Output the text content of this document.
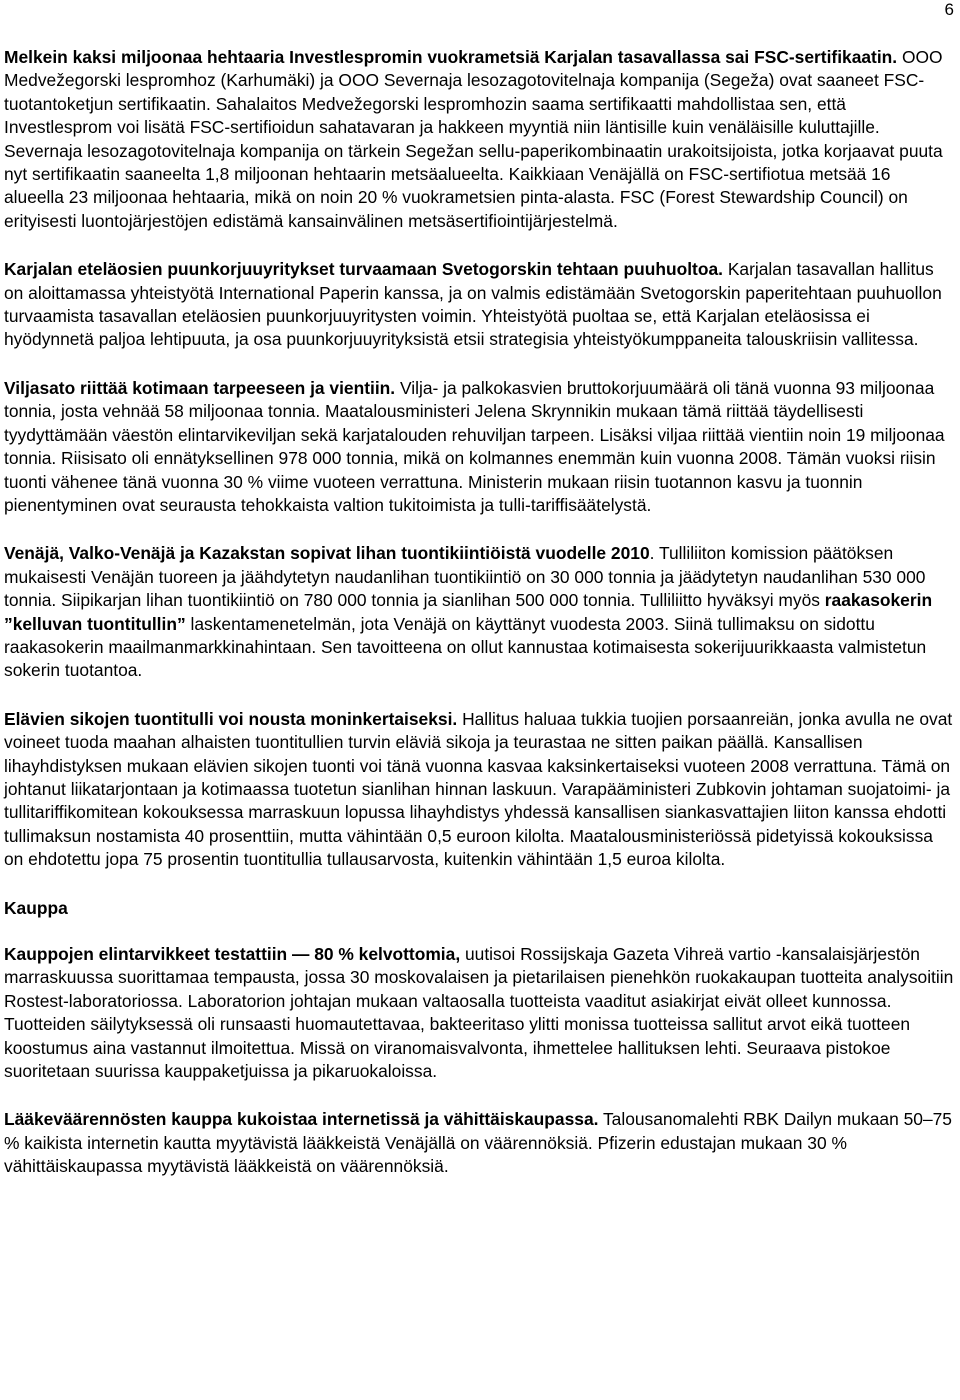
6

Melkein kaksi miljoonaa hehtaaria Investlespromin vuokrametsiä Karjalan tasavallassa sai FSC-sertifikaatin. OOO Medvežegorski lespromhoz (Karhumäki) ja OOO Severnaja lesozagotovitelnaja kompanija (Segeža) ovat saaneet FSC-tuotantoketjun sertifikaatin. Sahalaitos Medvežegorski lespromhozin saama sertifikaatti mahdollistaa sen, että Investlesprom voi lisätä FSC-sertifioidun sahatavaran ja hakkeen myyntiä niin läntisille kuin venäläisille kuluttajille. Severnaja lesozagotovitelnaja kompanija on tärkein Segežan sellu-paperikombinaatin urakoitsijoista, jotka korjaavat puuta nyt sertifikaatin saaneelta 1,8 miljoonan hehtaarin metsäalueelta. Kaikkiaan Venäjällä on FSC-sertifiotua metsää 16 alueella 23 miljoonaa hehtaaria, mikä on noin 20 % vuokrametsien pinta-alasta. FSC (Forest Stewardship Council) on erityisesti luontojärjestöjen edistämä kansainvälinen metsäsertifiointijärjestelmä.

Karjalan eteläosien puunkorjuuyritykset turvaamaan Svetogorskin tehtaan puuhuoltoa. Karjalan tasavallan hallitus on aloittamassa yhteistyötä International Paperin kanssa, ja on valmis edistämään Svetogorskin paperitehtaan puuhuollon turvaamista tasavallan eteläosien puunkorjuuyritysten voimin. Yhteistyötä puoltaa se, että Karjalan eteläosissa ei hyödynnetä paljoa lehtipuuta, ja osa puunkorjuuyrityksistä etsii strategisia yhteistyökumppaneita talouskriisin vallitessa.

Viljasato riittää kotimaan tarpeeseen ja vientiin. Vilja- ja palkokasvien bruttokorjuumäärä oli tänä vuonna 93 miljoonaa tonnia, josta vehnää 58 miljoonaa tonnia. Maatalousministeri Jelena Skrynnikin mukaan tämä riittää täydellisesti tyydyttämään väestön elintarvikeviljan sekä karjatalouden rehuviljan tarpeen. Lisäksi viljaa riittää vientiin noin 19 miljoonaa tonnia. Riisisato oli ennätyksellinen 978 000 tonnia, mikä on kolmannes enemmän kuin vuonna 2008. Tämän vuoksi riisin tuonti vähenee tänä vuonna 30 % viime vuoteen verrattuna. Ministerin mukaan riisin tuotannon kasvu ja tuonnin pienentyminen ovat seurausta tehokkaista valtion tukitoimista ja tulli-tariffisäätelystä.

Venäjä, Valko-Venäjä ja Kazakstan sopivat lihan tuontikiintiöistä vuodelle 2010. Tulliliiton komission päätöksen mukaisesti Venäjän tuoreen ja jäähdytetyn naudanlihan tuontikiintiö on 30 000 tonnia ja jäädytetyn naudanlihan 530 000 tonnia. Siipikarjan lihan tuontikiintiö on 780 000 tonnia ja sianlihan 500 000 tonnia. Tulliliitto hyväksyi myös raakasokerin ”kelluvan tuontitullin” laskentamenetelmän, jota Venäjä on käyttänyt vuodesta 2003. Siinä tullimaksu on sidottu raakasokerin maailmanmarkkinahintaan. Sen tavoitteena on ollut kannustaa kotimaisesta sokerijuurikkaasta valmistetun sokerin tuotantoa.

Elävien sikojen tuontitulli voi nousta moninkertaiseksi. Hallitus haluaa tukkia tuojien porsaanreiän, jonka avulla ne ovat voineet tuoda maahan alhaisten tuontitullien turvin eläviä sikoja ja teurastaa ne sitten paikan päällä. Kansallisen lihayhdistyksen mukaan elävien sikojen tuonti voi tänä vuonna kasvaa kaksinkertaiseksi vuoteen 2008 verrattuna. Tämä on johtanut liikatarjontaan ja kotimaassa tuotetun sianlihan hinnan laskuun. Varapääministeri Zubkovin johtaman suojatoimi- ja tullitariffikomitean kokouksessa marraskuun lopussa lihayhdistys yhdessä kansallisen siankasvattajien liiton kanssa ehdotti tullimaksun nostamista 40 prosenttiin, mutta vähintään 0,5 euroon kilolta. Maatalousministeriössä pidetyissä kokouksissa on ehdotettu jopa 75 prosentin tuontitullia tullausarvosta, kuitenkin vähintään 1,5 euroa kilolta.

Kauppa

Kauppojen elintarvikkeet testattiin — 80 % kelvottomia, uutisoi Rossijskaja Gazeta Vihreä vartio -kansalaisjärjestön marraskuussa suorittamaa tempausta, jossa 30 moskovalaisen ja pietarilaisen pienehkön ruokakaupan tuotteita analysoitiin Rostest-laboratoriossa. Laboratorion johtajan mukaan valtaosalla tuotteista vaaditut asiakirjat eivät olleet kunnossa. Tuotteiden säilytyksessä oli runsaasti huomautettavaa, bakteeritaso ylitti monissa tuotteissa sallitut arvot eikä tuotteen koostumus aina vastannut ilmoitettua. Missä on viranomaisvalvonta, ihmettelee hallituksen lehti. Seuraava pistokoe suoritetaan suurissa kauppaketjuissa ja pikaruokaloissa.

Lääkeväärennösten kauppa kukoistaa internetissä ja vähittäiskaupassa. Talousanomalehti RBK Dailyn mukaan 50–75 % kaikista internetin kautta myytävistä lääkkeistä Venäjällä on väärennöksiä. Pfizerin edustajan mukaan 30 % vähittäiskaupassa myytävistä lääkkeistä on väärennöksiä.
